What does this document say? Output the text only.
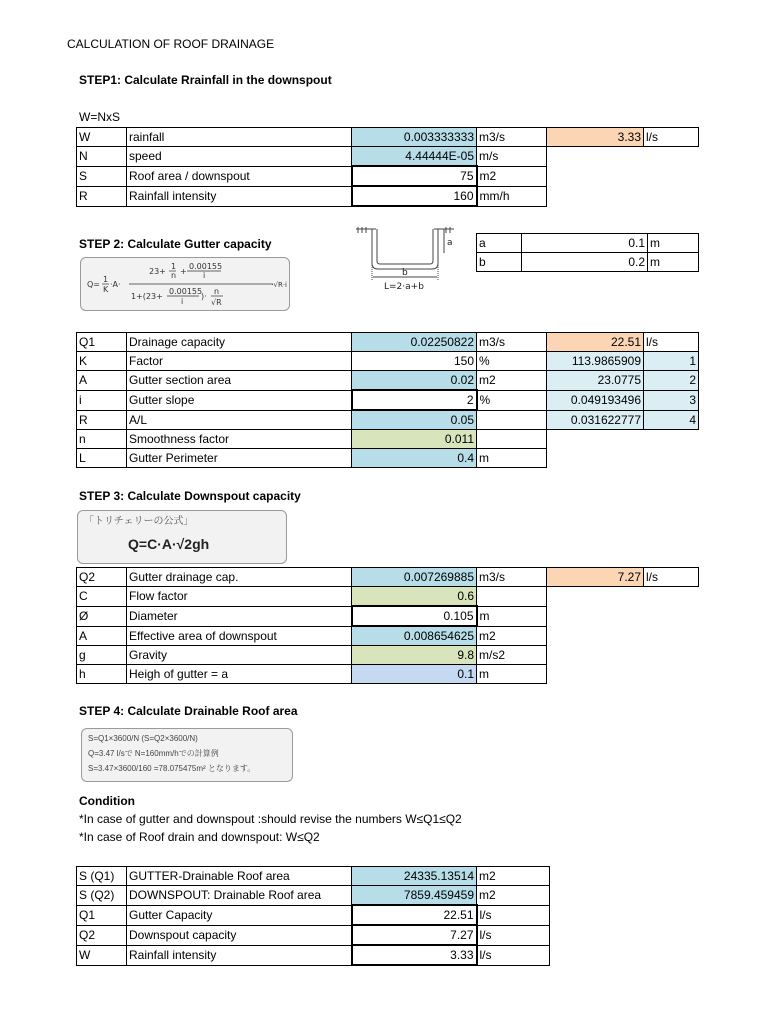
CALCULATION OF ROOF DRAINAGE
STEP1: Calculate Rrainfall in the downspout
W=NxS
W	rainfall	0.003333333	m3/s	3.33	l/s
N	speed	4.44444E-05	m/s		
S	Roof area / downspout	75	m2		
R	Rainfall intensity	160	mm/h		
STEP 2: Calculate Gutter capacity
Q=
1
K
·A·
23+
1
n +
0.00155
i
1+(23+
0.00155
i
)·
n
√R
·√R·i
a
b
L=2·a+b
a	0.1	m
b	0.2	m
Q1	Drainage capacity	0.02250822	m3/s	22.51	l/s
K	Factor	150	%	113.9865909	1
A	Gutter section area	0.02	m2	23.0775	2
i	Gutter slope	2	%	0.049193496	3
R	A/L	0.05		0.031622777	4
n	Smoothness factor	0.011			
L	Gutter Perimeter	0.4	m		
STEP 3: Calculate Downspout capacity
「トリチェリーの公式」
Q=C·A·√2gh
Q2	Gutter drainage cap.	0.007269885	m3/s	7.27	l/s
C	Flow factor	0.6			
Ø	Diameter	0.105	m		
A	Effective area of downspout	0.008654625	m2		
g	Gravity	9.8	m/s2		
h	Heigh of gutter = a	0.1	m		
STEP 4: Calculate Drainable Roof area
S=Q1×3600/N (S=Q2×3600/N)
Q=3.47 l/sで N=160mm/hでの計算例
S=3.47×3600/160 =78.075475m² となります。
Condition
*In case of gutter and downspout :should revise the numbers W≤Q1≤Q2
*In case of Roof drain and downspout: W≤Q2
S (Q1)	GUTTER-Drainable Roof area	24335.13514	m2
S (Q2)	DOWNSPOUT: Drainable Roof area	7859.459459	m2
Q1	Gutter Capacity	22.51	l/s
Q2	Downspout capacity	7.27	l/s
W	Rainfall intensity	3.33	l/s
